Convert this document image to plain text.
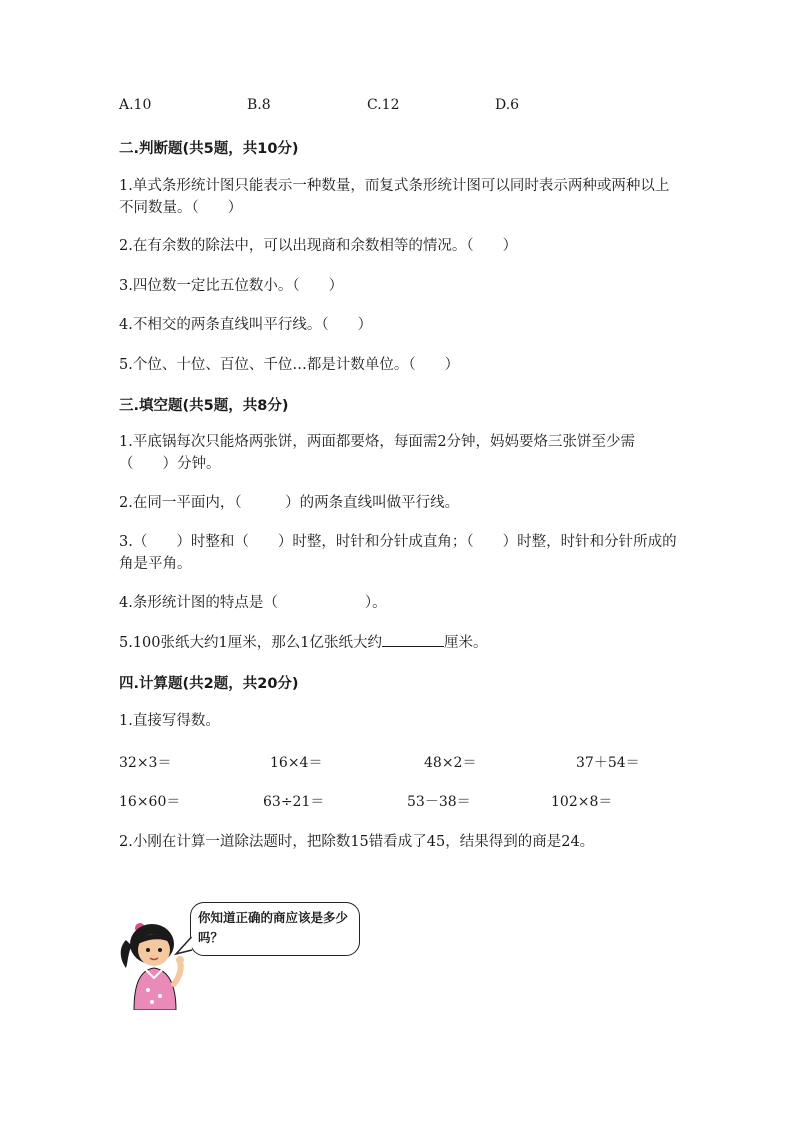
A.10	B.8	C.12	D.6
二.判断题(共5题，共10分)
1.单式条形统计图只能表示一种数量，而复式条形统计图可以同时表示两种或两种以上不同数量。（　　）
2.在有余数的除法中，可以出现商和余数相等的情况。（　　）
3.四位数一定比五位数小。（　　）
4.不相交的两条直线叫平行线。（　　）
5.个位、十位、百位、千位…都是计数单位。（　　）
三.填空题(共5题，共8分)
1.平底锅每次只能烙两张饼，两面都要烙，每面需2分钟，妈妈要烙三张饼至少需（　　）分钟。
2.在同一平面内，（　　　）的两条直线叫做平行线。
3.（　　）时整和（　　）时整，时针和分针成直角；（　　）时整，时针和分针所成的角是平角。
4.条形统计图的特点是（　　　　　　）。
5.100张纸大约1厘米，那么1亿张纸大约	厘米。
四.计算题(共2题，共20分)
1.直接写得数。
32×3＝	16×4＝	48×2＝	37＋54＝
16×60＝	63÷21＝	53－38＝	102×8＝
2.小刚在计算一道除法题时，把除数15错看成了45，结果得到的商是24。
你知道正确的商应该是多少吗？
